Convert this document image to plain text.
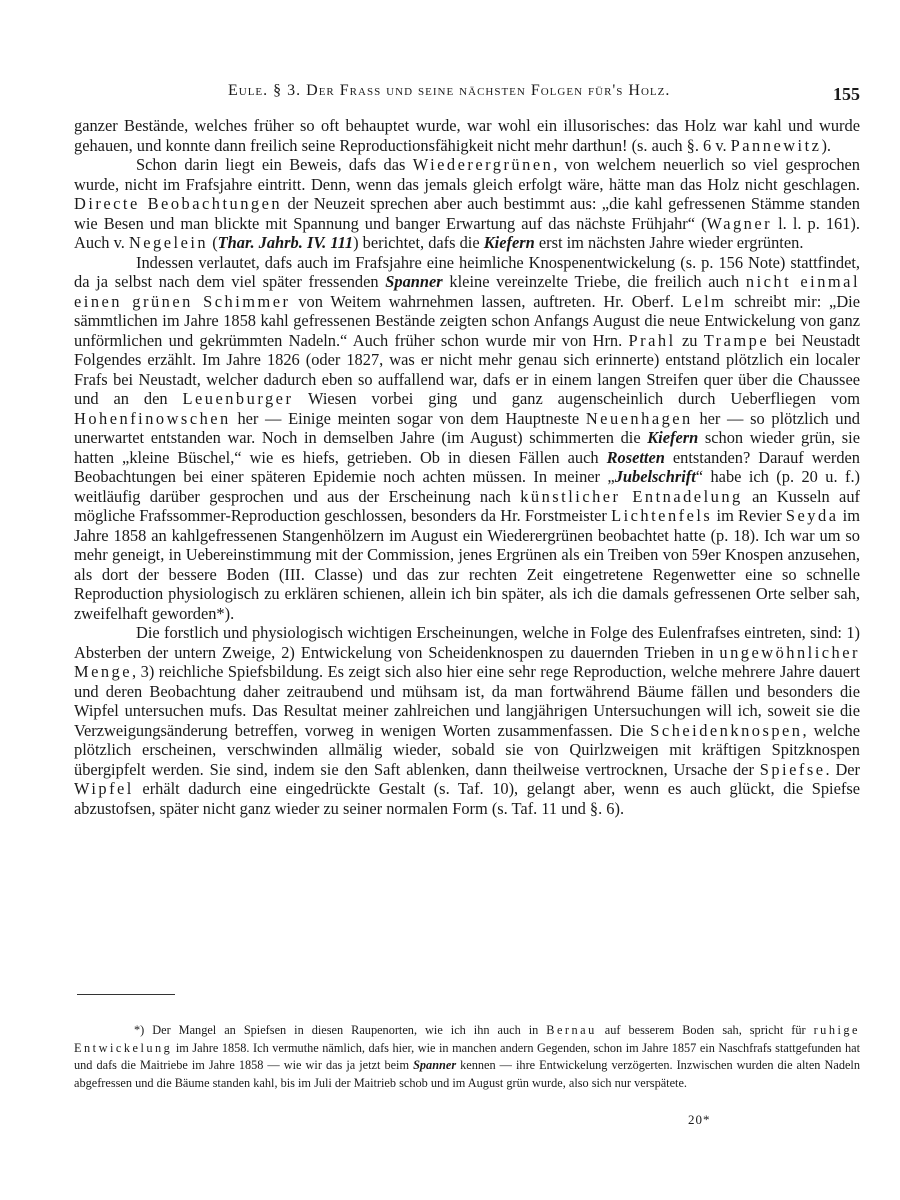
Eule. § 3. Der Frass und seine nächsten Folgen für's Holz.	155

ganzer Bestände, welches früher so oft behauptet wurde, war wohl ein illusorisches: das Holz war kahl und wurde gehauen, und konnte dann freilich seine Reproductionsfähigkeit nicht mehr darthun! (s. auch §. 6 v. Pannewitz).

Schon darin liegt ein Beweis, dafs das Wiederergrünen, von welchem neuerlich so viel gesprochen wurde, nicht im Frafsjahre eintritt. Denn, wenn das jemals gleich erfolgt wäre, hätte man das Holz nicht geschlagen. Directe Beobachtungen der Neuzeit sprechen aber auch bestimmt aus: „die kahl gefressenen Stämme standen wie Besen und man blickte mit Spannung und banger Erwartung auf das nächste Frühjahr“ (Wagner l. l. p. 161). Auch v. Negelein (Thar. Jahrb. IV. 111) berichtet, dafs die Kiefern erst im nächsten Jahre wieder ergrünten.

Indessen verlautet, dafs auch im Frafsjahre eine heimliche Knospenentwickelung (s. p. 156 Note) stattfindet, da ja selbst nach dem viel später fressenden Spanner kleine vereinzelte Triebe, die freilich auch nicht einmal einen grünen Schimmer von Weitem wahrnehmen lassen, auftreten. Hr. Oberf. Lelm schreibt mir: „Die sämmtlichen im Jahre 1858 kahl gefressenen Bestände zeigten schon Anfangs August die neue Entwickelung von ganz unförmlichen und gekrümmten Nadeln.“ Auch früher schon wurde mir von Hrn. Prahl zu Trampe bei Neustadt Folgendes erzählt. Im Jahre 1826 (oder 1827, was er nicht mehr genau sich erinnerte) entstand plötzlich ein localer Frafs bei Neustadt, welcher dadurch eben so auffallend war, dafs er in einem langen Streifen quer über die Chaussee und an den Leuenburger Wiesen vorbei ging und ganz augenscheinlich durch Ueberfliegen vom Hohenfinowschen her — Einige meinten sogar von dem Hauptneste Neuenhagen her — so plötzlich und unerwartet entstanden war. Noch in demselben Jahre (im August) schimmerten die Kiefern schon wieder grün, sie hatten „kleine Büschel,“ wie es hiefs, getrieben. Ob in diesen Fällen auch Rosetten entstanden? Darauf werden Beobachtungen bei einer späteren Epidemie noch achten müssen. In meiner „Jubelschrift“ habe ich (p. 20 u. f.) weitläufig darüber gesprochen und aus der Erscheinung nach künstlicher Entnadelung an Kusseln auf mögliche Frafssommer-Reproduction geschlossen, besonders da Hr. Forstmeister Lichtenfels im Revier Seyda im Jahre 1858 an kahlgefressenen Stangenhölzern im August ein Wiederergrünen beobachtet hatte (p. 18). Ich war um so mehr geneigt, in Uebereinstimmung mit der Commission, jenes Ergrünen als ein Treiben von 59er Knospen anzusehen, als dort der bessere Boden (III. Classe) und das zur rechten Zeit eingetretene Regenwetter eine so schnelle Reproduction physiologisch zu erklären schienen, allein ich bin später, als ich die damals gefressenen Orte selber sah, zweifelhaft geworden*).

Die forstlich und physiologisch wichtigen Erscheinungen, welche in Folge des Eulenfrafses eintreten, sind: 1) Absterben der untern Zweige, 2) Entwickelung von Scheidenknospen zu dauernden Trieben in ungewöhnlicher Menge, 3) reichliche Spiefsbildung. Es zeigt sich also hier eine sehr rege Reproduction, welche mehrere Jahre dauert und deren Beobachtung daher zeitraubend und mühsam ist, da man fortwährend Bäume fällen und besonders die Wipfel untersuchen mufs. Das Resultat meiner zahlreichen und langjährigen Untersuchungen will ich, soweit sie die Verzweigungsänderung betreffen, vorweg in wenigen Worten zusammenfassen. Die Scheidenknospen, welche plötzlich erscheinen, verschwinden allmälig wieder, sobald sie von Quirlzweigen mit kräftigen Spitzknospen übergipfelt werden. Sie sind, indem sie den Saft ablenken, dann theilweise vertrocknen, Ursache der Spiefse. Der Wipfel erhält dadurch eine eingedrückte Gestalt (s. Taf. 10), gelangt aber, wenn es auch glückt, die Spiefse abzustofsen, später nicht ganz wieder zu seiner normalen Form (s. Taf. 11 und §. 6).

*) Der Mangel an Spiefsen in diesen Raupenorten, wie ich ihn auch in Bernau auf besserem Boden sah, spricht für ruhige Entwickelung im Jahre 1858. Ich vermuthe nämlich, dafs hier, wie in manchen andern Gegenden, schon im Jahre 1857 ein Naschfrafs stattgefunden hat und dafs die Maitriebe im Jahre 1858 — wie wir das ja jetzt beim Spanner kennen — ihre Entwickelung verzögerten. Inzwischen wurden die alten Nadeln abgefressen und die Bäume standen kahl, bis im Juli der Maitrieb schob und im August grün wurde, also sich nur verspätete.

20*
